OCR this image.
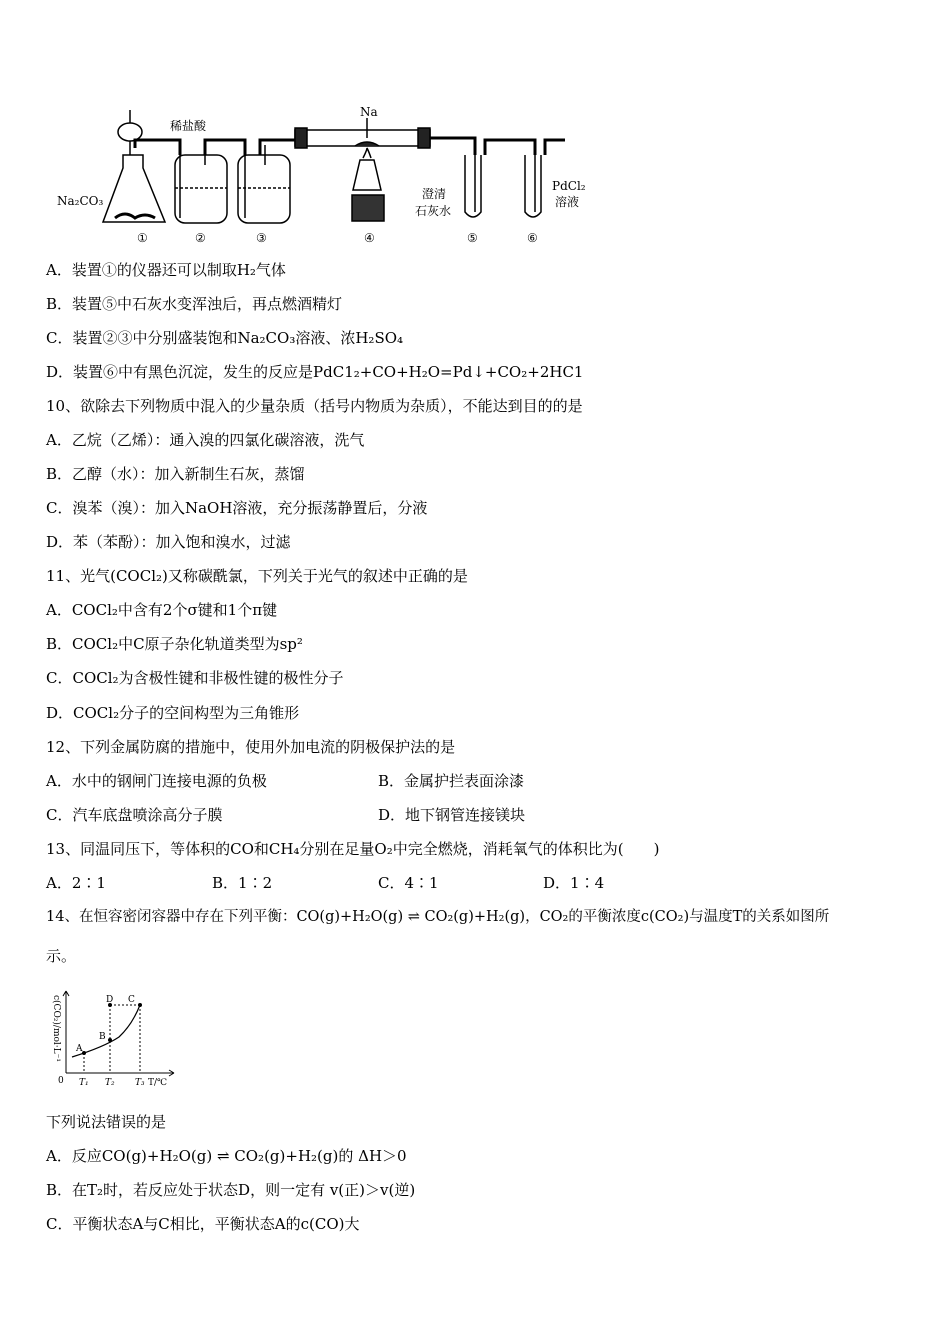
稀盐酸
Na
Na₂CO₃	澄清
石灰水
PdCl₂
溶液
①	②	③	④	⑤	⑥
A．装置①的仪器还可以制取H₂气体
B．装置⑤中石灰水变浑浊后，再点燃酒精灯
C．装置②③中分别盛装饱和Na₂CO₃溶液、浓H₂SO₄
D．装置⑥中有黑色沉淀，发生的反应是PdC1₂+CO+H₂O=Pd↓+CO₂+2HC1
10、欲除去下列物质中混入的少量杂质（括号内物质为杂质），不能达到目的的是
A．乙烷（乙烯）：通入溴的四氯化碳溶液，洗气
B．乙醇（水）：加入新制生石灰，蒸馏
C．溴苯（溴）：加入NaOH溶液，充分振荡静置后，分液
D．苯（苯酚）：加入饱和溴水，过滤
11、光气(COCl₂)又称碳酰氯，下列关于光气的叙述中正确的是
A．COCl₂中含有2个σ键和1个π键
B．COCl₂中C原子杂化轨道类型为sp²
C．COCl₂为含极性键和非极性键的极性分子
D．COCl₂分子的空间构型为三角锥形
12、下列金属防腐的措施中，使用外加电流的阴极保护法的是
A．水中的钢闸门连接电源的负极	B．金属护拦表面涂漆
C．汽车底盘喷涂高分子膜	D．地下钢管连接镁块
13、同温同压下，等体积的CO和CH₄分别在足量O₂中完全燃烧，消耗氧气的体积比为(　　)
A．2∶1	B．1∶2	C．4∶1	D．1∶4
14、在恒容密闭容器中存在下列平衡：CO(g)+H₂O(g) ⇌ CO₂(g)+H₂(g)，CO₂的平衡浓度c(CO₂)与温度T的关系如图所
示。
c(CO₂)/mol·L⁻¹
0 T₁ T₂ T₃ T/℃
A
B
D C
下列说法错误的是
A．反应CO(g)+H₂O(g) ⇌ CO₂(g)+H₂(g)的 ΔH＞0
B．在T₂时，若反应处于状态D，则一定有 v(正)＞v(逆)
C．平衡状态A与C相比，平衡状态A的c(CO)大
